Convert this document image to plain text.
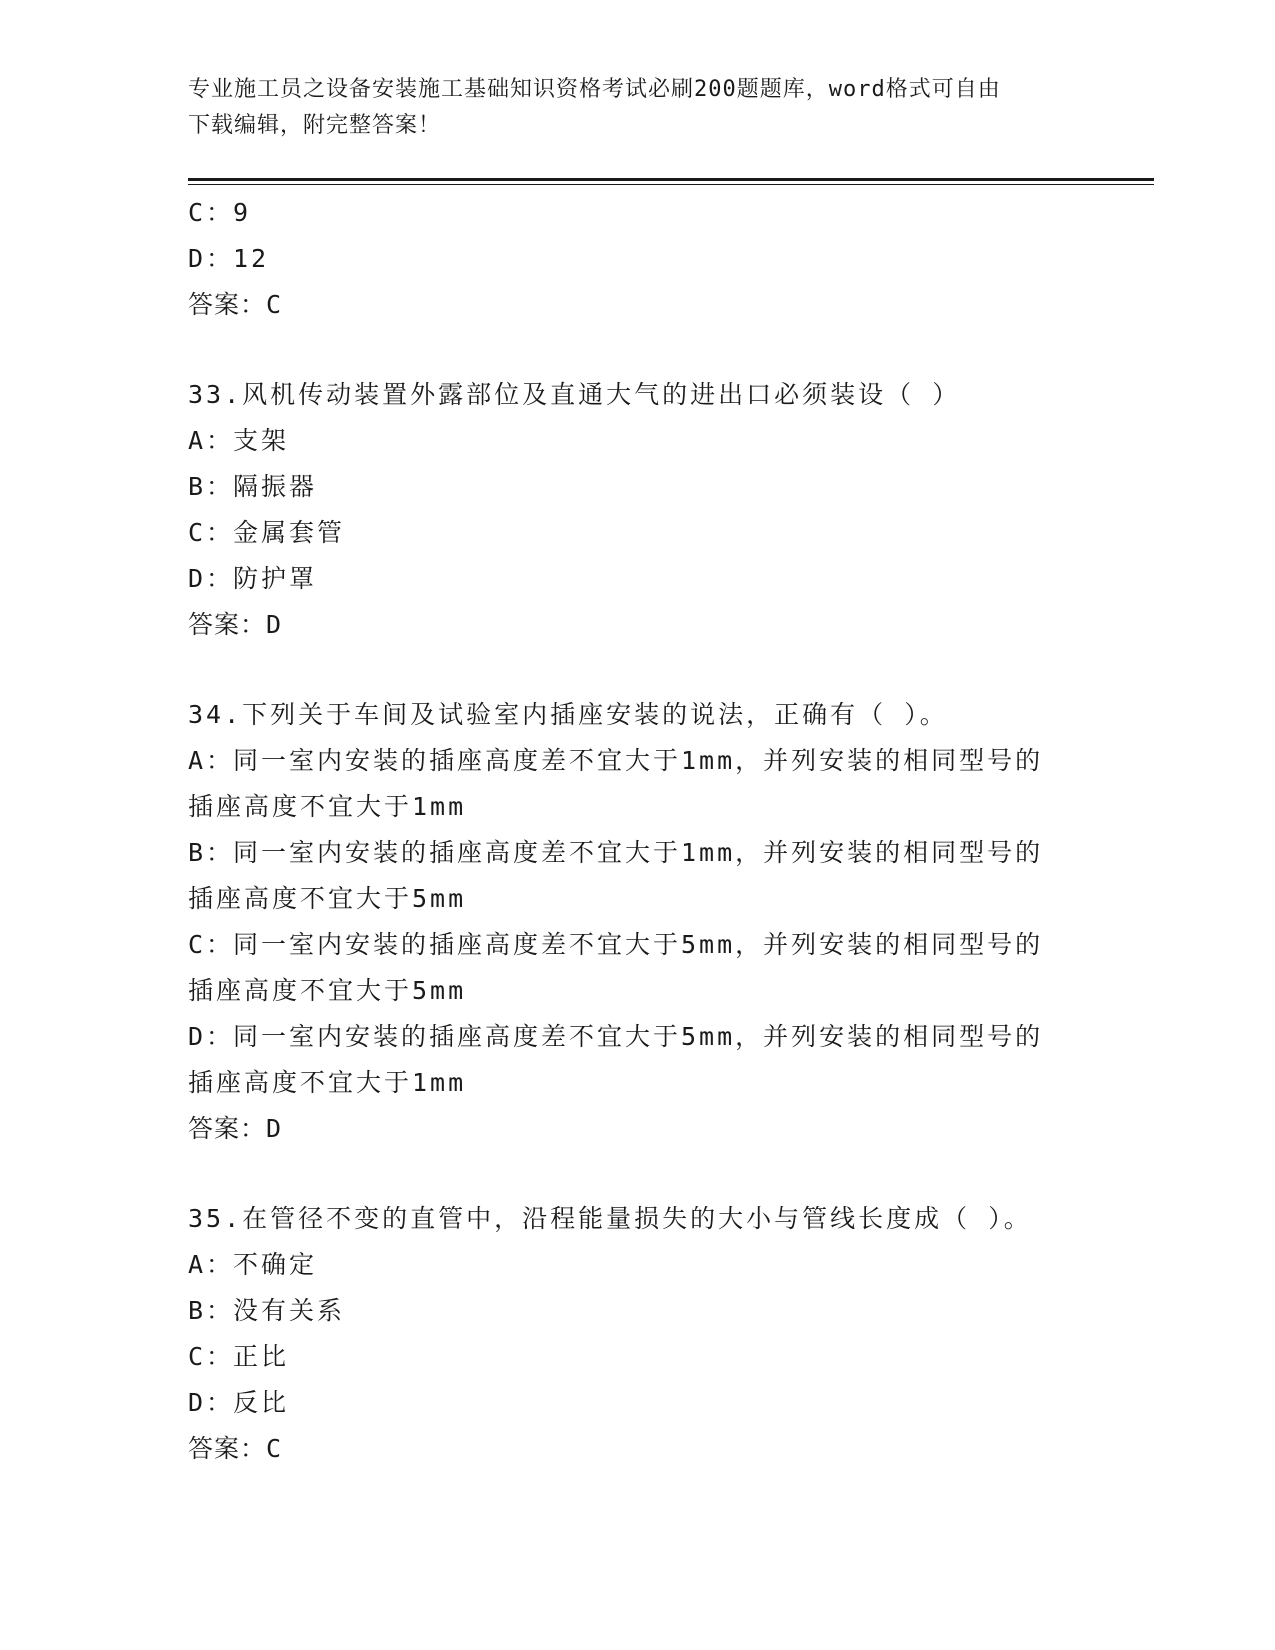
专业施工员之设备安装施工基础知识资格考试必刷200题题库，word格式可自由
下载编辑，附完整答案！
C：9
D：12
答案：C
33.风机传动装置外露部位及直通大气的进出口必须装设（ ）
A：支架
B：隔振器
C：金属套管
D：防护罩
答案：D
34.下列关于车间及试验室内插座安装的说法，正确有（ ）。
A：同一室内安装的插座高度差不宜大于1mm，并列安装的相同型号的
插座高度不宜大于1mm
B：同一室内安装的插座高度差不宜大于1mm，并列安装的相同型号的
插座高度不宜大于5mm
C：同一室内安装的插座高度差不宜大于5mm，并列安装的相同型号的
插座高度不宜大于5mm
D：同一室内安装的插座高度差不宜大于5mm，并列安装的相同型号的
插座高度不宜大于1mm
答案：D
35.在管径不变的直管中，沿程能量损失的大小与管线长度成（ ）。
A：不确定
B：没有关系
C：正比
D：反比
答案：C
